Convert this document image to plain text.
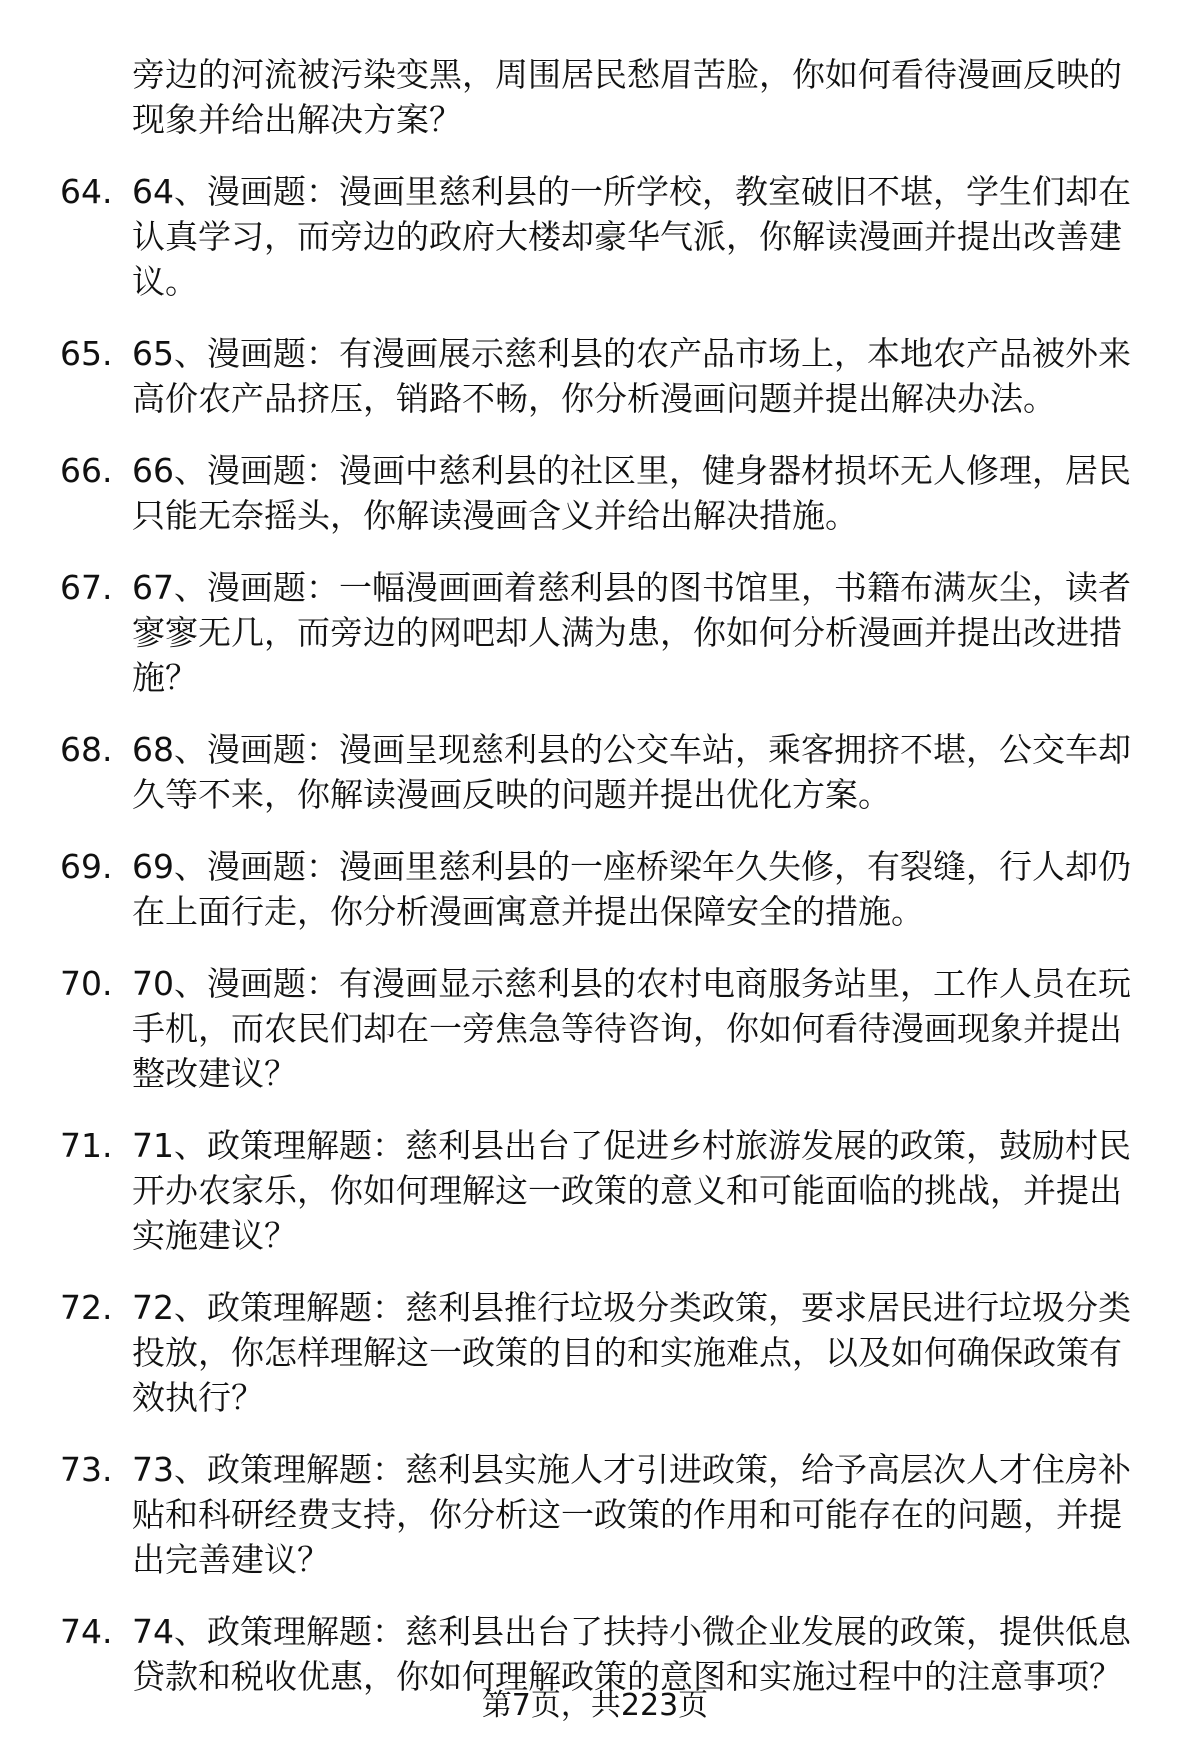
旁边的河流被污染变黑，周围居民愁眉苦脸，你如何看待漫画反映的现象并给出解决方案？
64. 64、漫画题：漫画里慈利县的一所学校，教室破旧不堪，学生们却在认真学习，而旁边的政府大楼却豪华气派，你解读漫画并提出改善建议。
65. 65、漫画题：有漫画展示慈利县的农产品市场上，本地农产品被外来高价农产品挤压，销路不畅，你分析漫画问题并提出解决办法。
66. 66、漫画题：漫画中慈利县的社区里，健身器材损坏无人修理，居民只能无奈摇头，你解读漫画含义并给出解决措施。
67. 67、漫画题：一幅漫画画着慈利县的图书馆里，书籍布满灰尘，读者寥寥无几，而旁边的网吧却人满为患，你如何分析漫画并提出改进措施？
68. 68、漫画题：漫画呈现慈利县的公交车站，乘客拥挤不堪，公交车却久等不来，你解读漫画反映的问题并提出优化方案。
69. 69、漫画题：漫画里慈利县的一座桥梁年久失修，有裂缝，行人却仍在上面行走，你分析漫画寓意并提出保障安全的措施。
70. 70、漫画题：有漫画显示慈利县的农村电商服务站里，工作人员在玩手机，而农民们却在一旁焦急等待咨询，你如何看待漫画现象并提出整改建议？
71. 71、政策理解题：慈利县出台了促进乡村旅游发展的政策，鼓励村民开办农家乐，你如何理解这一政策的意义和可能面临的挑战，并提出实施建议？
72. 72、政策理解题：慈利县推行垃圾分类政策，要求居民进行垃圾分类投放，你怎样理解这一政策的目的和实施难点，以及如何确保政策有效执行？
73. 73、政策理解题：慈利县实施人才引进政策，给予高层次人才住房补贴和科研经费支持，你分析这一政策的作用和可能存在的问题，并提出完善建议？
74. 74、政策理解题：慈利县出台了扶持小微企业发展的政策，提供低息贷款和税收优惠，你如何理解政策的意图和实施过程中的注意事项？
第7页，共223页
